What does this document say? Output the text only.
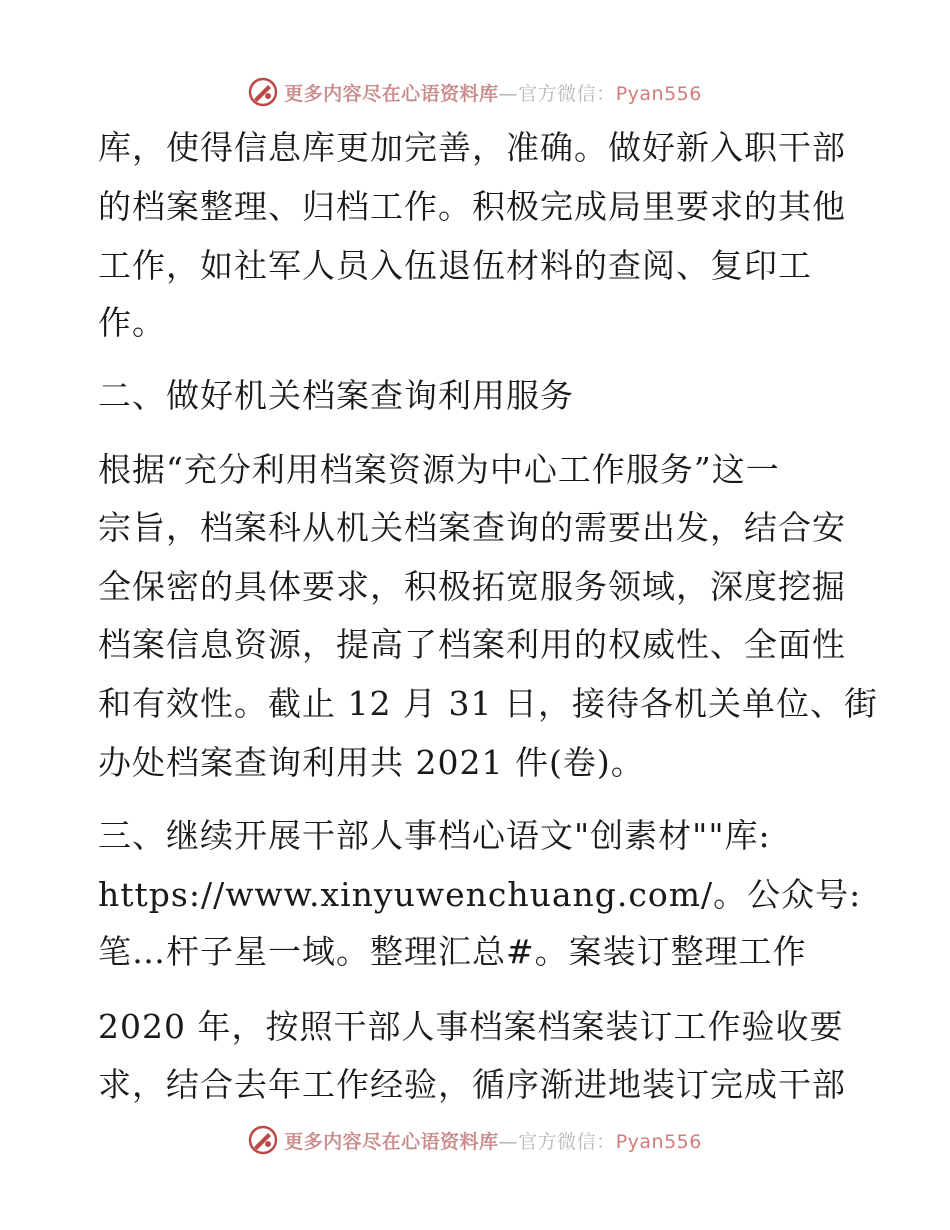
更多内容尽在心语资料库—官方微信：Pyan556
库，使得信息库更加完善，准确。做好新入职干部
的档案整理、归档工作。积极完成局里要求的其他
工作，如社军人员入伍退伍材料的查阅、复印工
作。
二、做好机关档案查询利用服务
根据“充分利用档案资源为中心工作服务”这一
宗旨，档案科从机关档案查询的需要出发，结合安
全保密的具体要求，积极拓宽服务领域，深度挖掘
档案信息资源，提高了档案利用的权威性、全面性
和有效性。截止 12 月 31 日，接待各机关单位、街
办处档案查询利用共 2021 件(卷)。
三、继续开展干部人事档心语文"创素材""库:
https://www.xinyuwenchuang.com/。公众号:
笔…杆子星一域。整理汇总#。案装订整理工作
2020 年，按照干部人事档案档案装订工作验收要
求，结合去年工作经验，循序渐进地装订完成干部
更多内容尽在心语资料库—官方微信：Pyan556
